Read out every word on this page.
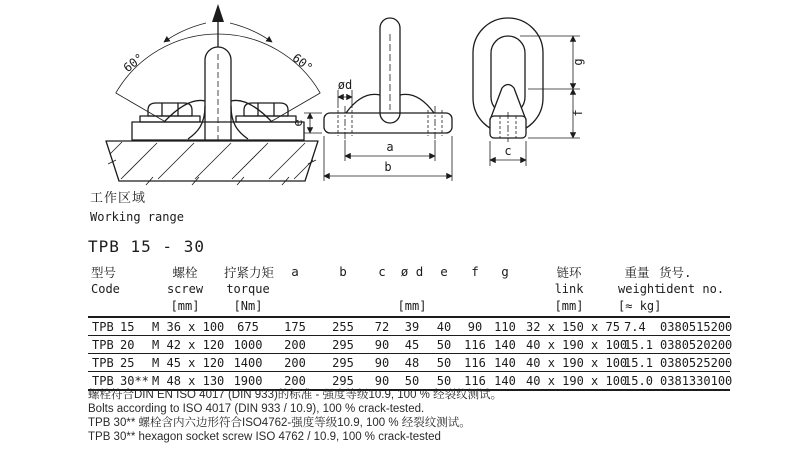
60°	60°
ød
e
a
b
g
f
c
工作区域
Working range
TPB 15 - 30
型号		螺栓	拧紧力矩	a	b	c	ø d	e	f	g	链环	重量	货号.
Code		screw	torque								link	weight	ident no.
		[mm]	[Nm]				[mm]				[mm]	[≈ kg]	
TPB	15	M 36 x 100	675	175	255	72	39	40	90	110	32 x 150 x 75	7.4	0380515200
TPB	20	M 42 x 120	1000	200	295	90	45	50	116	140	40 x 190 x 100	15.1	0380520200
TPB	25	M 45 x 120	1400	200	295	90	48	50	116	140	40 x 190 x 100	15.1	0380525200
TPB	30**	M 48 x 130	1900	200	295	90	50	50	116	140	40 x 190 x 100	15.0	0381330100
螺栓符合DIN EN ISO 4017 (DIN 933)的标准 - 强度等级10.9, 100 % 经裂纹测试。
Bolts according to ISO 4017 (DIN 933 / 10.9), 100 % crack-tested.
TPB 30** 螺栓含内六边形符合ISO4762-强度等级10.9, 100 % 经裂纹测试。
TPB 30** hexagon socket screw ISO 4762 / 10.9, 100 % crack-tested
